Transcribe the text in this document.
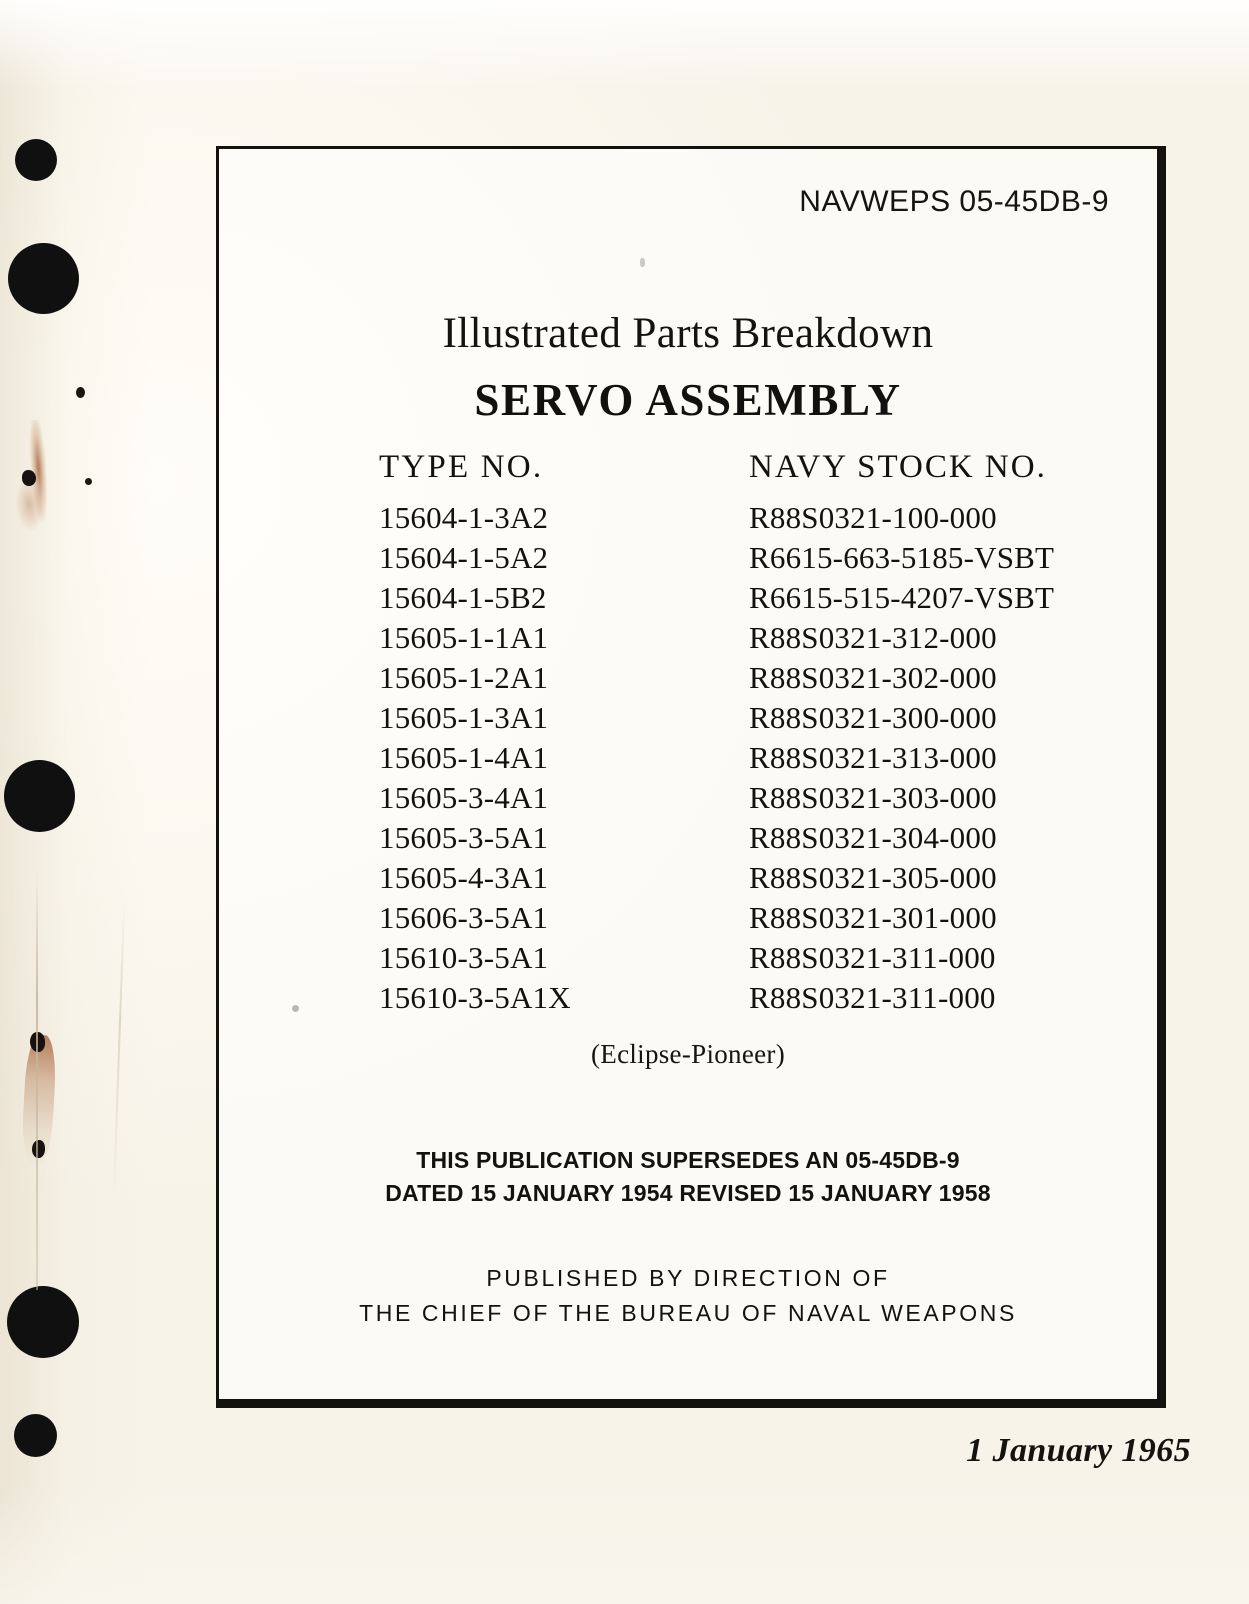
NAVWEPS 05-45DB-9
Illustrated Parts Breakdown
SERVO ASSEMBLY
TYPE NO.	NAVY STOCK NO.
15604-1-3A2	R88S0321-100-000
15604-1-5A2	R6615-663-5185-VSBT
15604-1-5B2	R6615-515-4207-VSBT
15605-1-1A1	R88S0321-312-000
15605-1-2A1	R88S0321-302-000
15605-1-3A1	R88S0321-300-000
15605-1-4A1	R88S0321-313-000
15605-3-4A1	R88S0321-303-000
15605-3-5A1	R88S0321-304-000
15605-4-3A1	R88S0321-305-000
15606-3-5A1	R88S0321-301-000
15610-3-5A1	R88S0321-311-000
15610-3-5A1X	R88S0321-311-000
(Eclipse-Pioneer)
THIS PUBLICATION SUPERSEDES AN 05-45DB-9
DATED 15 JANUARY 1954 REVISED 15 JANUARY 1958
PUBLISHED BY DIRECTION OF
THE CHIEF OF THE BUREAU OF NAVAL WEAPONS
1 January 1965
